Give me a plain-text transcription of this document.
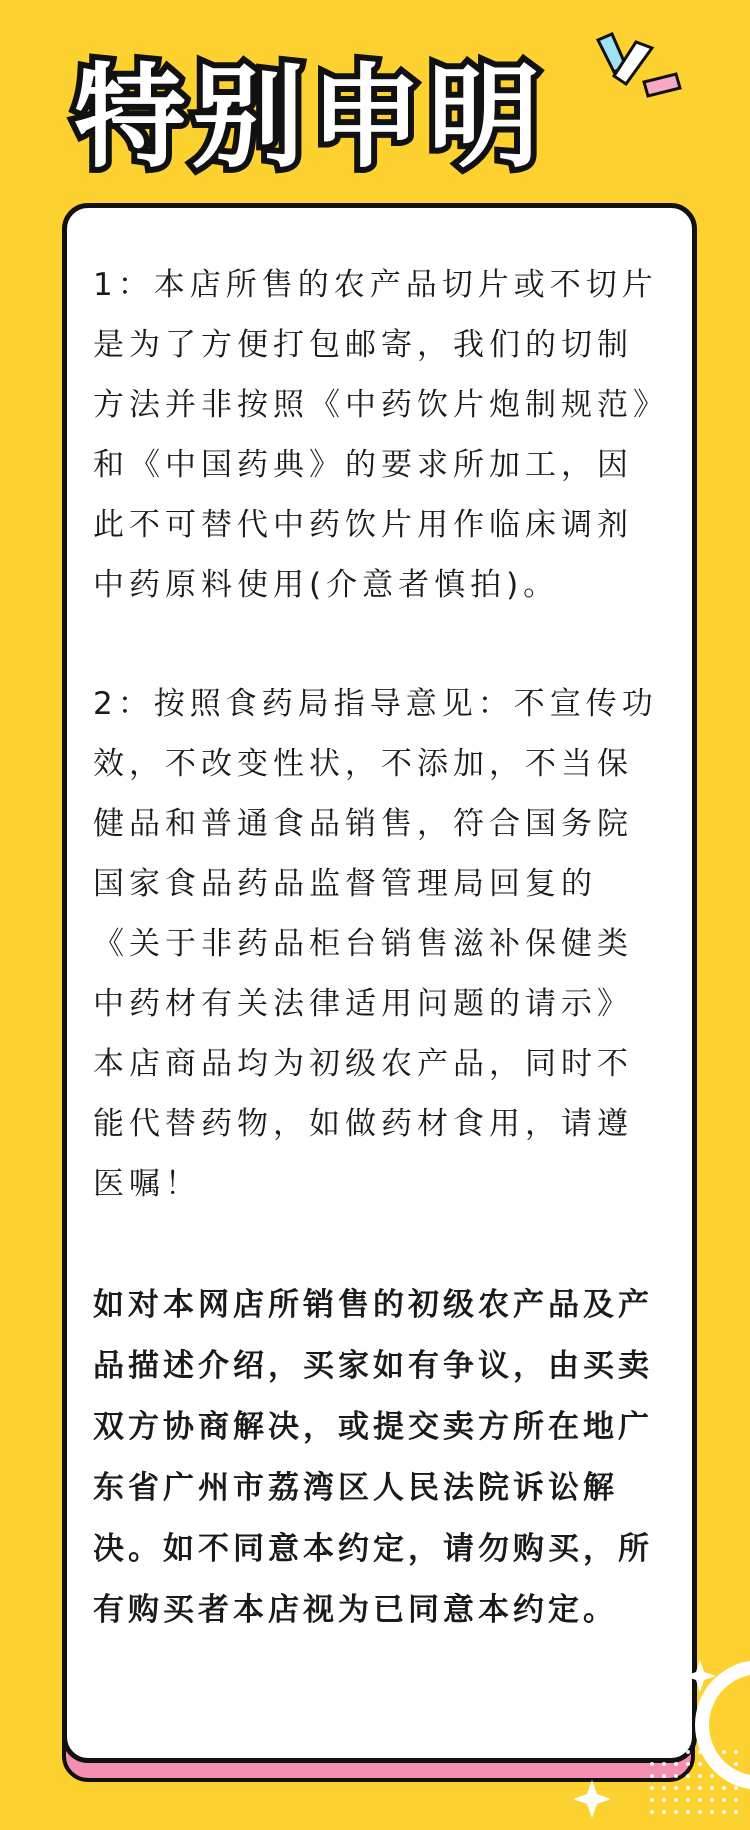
特别申明

1：本店所售的农产品切片或不切片是为了方便打包邮寄，我们的切制方法并非按照《中药饮片炮制规范》和《中国药典》的要求所加工，因此不可替代中药饮片用作临床调剂中药原料使用(介意者慎拍)。

2：按照食药局指导意见：不宣传功效，不改变性状，不添加，不当保健品和普通食品销售，符合国务院国家食品药品监督管理局回复的《关于非药品柜台销售滋补保健类中药材有关法律适用问题的请示》本店商品均为初级农产品，同时不能代替药物，如做药材食用，请遵医嘱！

如对本网店所销售的初级农产品及产品描述介绍，买家如有争议，由买卖双方协商解决，或提交卖方所在地广东省广州市荔湾区人民法院诉讼解决。如不同意本约定，请勿购买，所有购买者本店视为已同意本约定。
